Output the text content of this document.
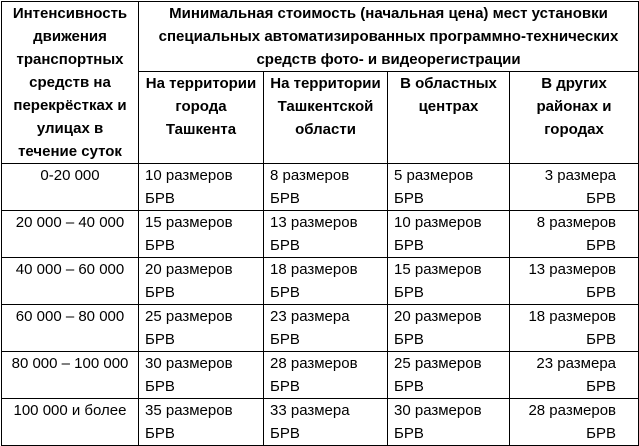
Интенсивность движения транспортных средств на перекрёстках и улицах в течение суток	Минимальная стоимость (начальная цена) мест установки специальных автоматизированных программно-технических средств фото- и видеорегистрации			
	На территории города Ташкента	На территории Ташкентской области	В областных центрах	В других районах и городах
0-20 000	10 размеров БРВ	8 размеров БРВ	5 размеров БРВ	3 размера БРВ
20 000 – 40 000	15 размеров БРВ	13 размеров БРВ	10 размеров БРВ	8 размеров БРВ
40 000 – 60 000	20 размеров БРВ	18 размеров БРВ	15 размеров БРВ	13 размеров БРВ
60 000 – 80 000	25 размеров БРВ	23 размера БРВ	20 размеров БРВ	18 размеров БРВ
80 000 – 100 000	30 размеров БРВ	28 размеров БРВ	25 размеров БРВ	23 размера БРВ
100 000 и более	35 размеров БРВ	33 размера БРВ	30 размеров БРВ	28 размеров БРВ
